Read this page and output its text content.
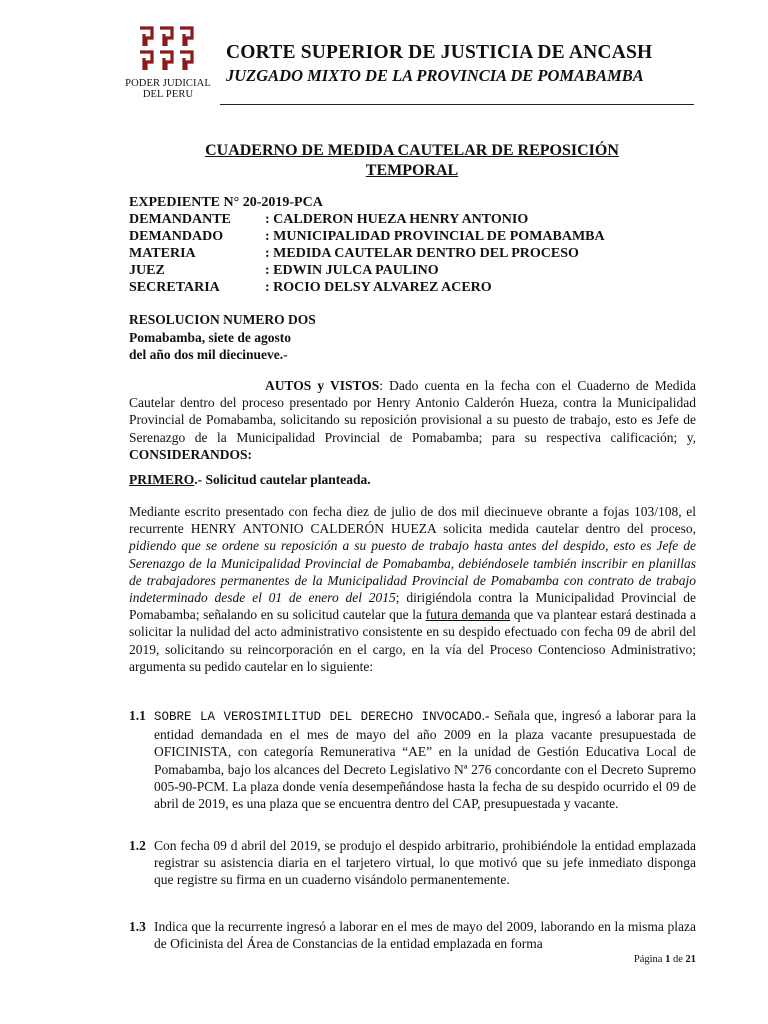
PODER JUDICIAL
DEL PERU
CORTE SUPERIOR DE JUSTICIA DE ANCASH
JUZGADO MIXTO DE LA PROVINCIA DE POMABAMBA
CUADERNO DE MEDIDA CAUTELAR DE REPOSICIÓN
TEMPORAL
EXPEDIENTE N° 20-2019-PCA
DEMANDANTE	: CALDERON HUEZA HENRY ANTONIO
DEMANDADO	: MUNICIPALIDAD PROVINCIAL DE POMABAMBA
MATERIA	: MEDIDA CAUTELAR DENTRO DEL PROCESO
JUEZ	: EDWIN JULCA PAULINO
SECRETARIA	: ROCIO DELSY ALVAREZ ACERO
RESOLUCION NUMERO DOS
Pomabamba, siete de agosto
del año dos mil diecinueve.-
AUTOS y VISTOS: Dado cuenta en la fecha con el Cuaderno de Medida Cautelar dentro del proceso presentado por Henry Antonio Calderón Hueza, contra la Municipalidad Provincial de Pomabamba, solicitando su reposición provisional a su puesto de trabajo, esto es Jefe de Serenazgo de la Municipalidad Provincial de Pomabamba; para su respectiva calificación; y, CONSIDERANDOS:
PRIMERO.- Solicitud cautelar planteada.
Mediante escrito presentado con fecha diez de julio de dos mil diecinueve obrante a fojas 103/108, el recurrente HENRY ANTONIO CALDERÓN HUEZA solicita medida cautelar dentro del proceso, pidiendo que se ordene su reposición a su puesto de trabajo hasta antes del despido, esto es Jefe de Serenazgo de la Municipalidad Provincial de Pomabamba, debiéndosele también inscribir en planillas de trabajadores permanentes de la Municipalidad Provincial de Pomabamba con contrato de trabajo indeterminado desde el 01 de enero del 2015; dirigiéndola contra la Municipalidad Provincial de Pomabamba; señalando en su solicitud cautelar que la futura demanda que va plantear estará destinada a solicitar la nulidad del acto administrativo consistente en su despido efectuado con fecha 09 de abril del 2019, solicitando su reincorporación en el cargo, en la vía del Proceso Contencioso Administrativo; argumenta su pedido cautelar en lo siguiente:
1.1 SOBRE LA VEROSIMILITUD DEL DERECHO INVOCADO.- Señala que, ingresó a laborar para la entidad demandada en el mes de mayo del año 2009 en la plaza vacante presupuestada de OFICINISTA, con categoría Remunerativa “AE” en la unidad de Gestión Educativa Local de Pomabamba, bajo los alcances del Decreto Legislativo Nª 276 concordante con el Decreto Supremo 005-90-PCM. La plaza donde venía desempeñándose hasta la fecha de su despido ocurrido el 09 de abril de 2019, es una plaza que se encuentra dentro del CAP, presupuestada y vacante.
1.2 Con fecha 09 d abril del 2019, se produjo el despido arbitrario, prohibiéndole la entidad emplazada registrar su asistencia diaria en el tarjetero virtual, lo que motivó que su jefe inmediato disponga que registre su firma en un cuaderno visándolo permanentemente.
1.3 Indica que la recurrente ingresó a laborar en el mes de mayo del 2009, laborando en la misma plaza de Oficinista del Área de Constancias de la entidad emplazada en forma
Página 1 de 21
